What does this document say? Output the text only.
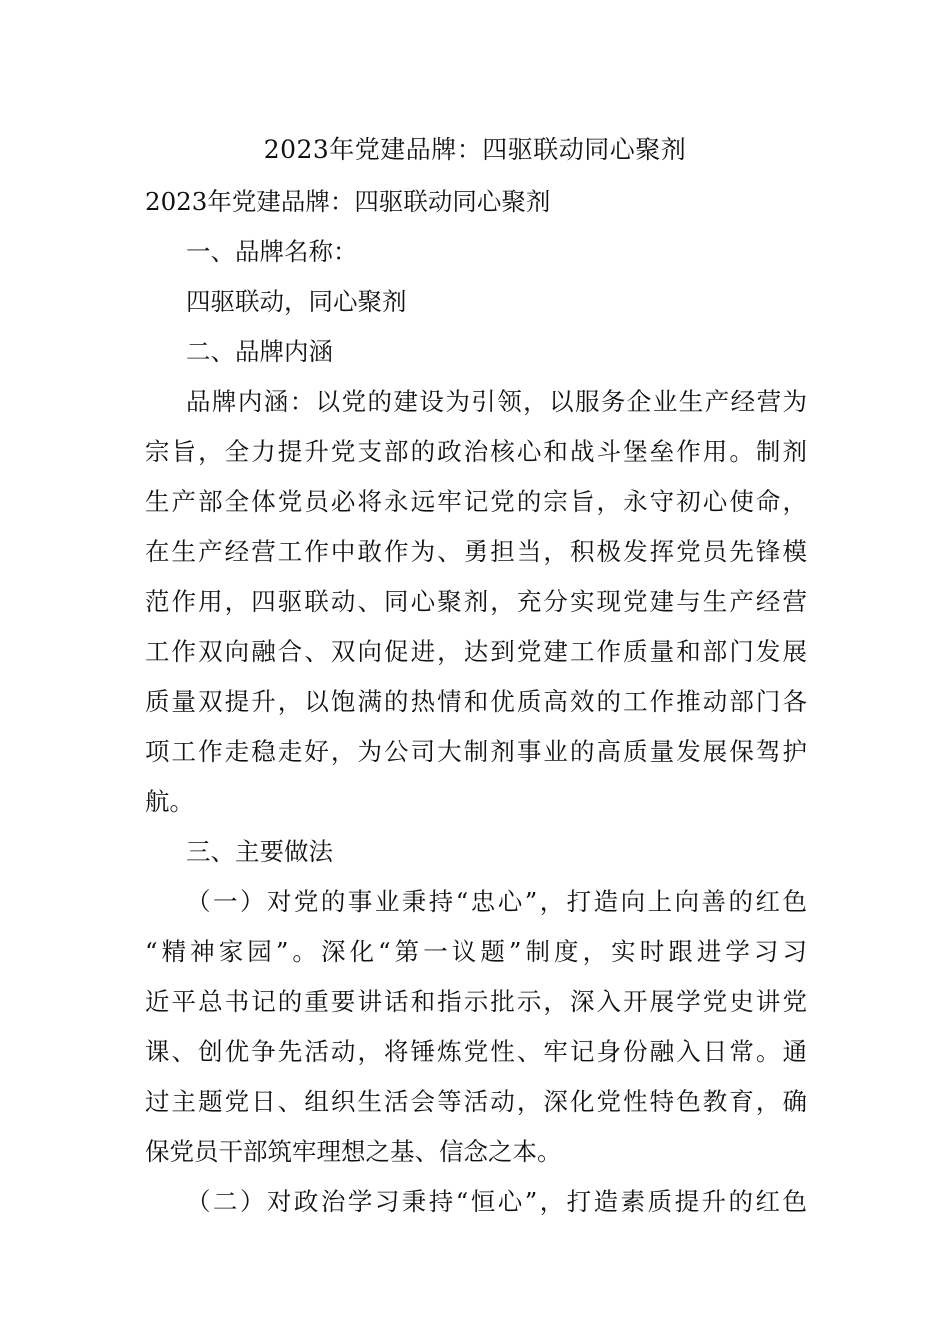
2023年党建品牌：四驱联动同心聚剂
2023年党建品牌：四驱联动同心聚剂
一、品牌名称：
四驱联动，同心聚剂
二、品牌内涵
品牌内涵：以党的建设为引领，以服务企业生产经营为
宗旨，全力提升党支部的政治核心和战斗堡垒作用。制剂
生产部全体党员必将永远牢记党的宗旨，永守初心使命，
在生产经营工作中敢作为、勇担当，积极发挥党员先锋模
范作用，四驱联动、同心聚剂，充分实现党建与生产经营
工作双向融合、双向促进，达到党建工作质量和部门发展
质量双提升，以饱满的热情和优质高效的工作推动部门各
项工作走稳走好，为公司大制剂事业的高质量发展保驾护
航。
三、主要做法
（一）对党的事业秉持“忠心”，打造向上向善的红色
“精神家园”。深化“第一议题”制度，实时跟进学习习
近平总书记的重要讲话和指示批示，深入开展学党史讲党
课、创优争先活动，将锤炼党性、牢记身份融入日常。通
过主题党日、组织生活会等活动，深化党性特色教育，确
保党员干部筑牢理想之基、信念之本。
（二）对政治学习秉持“恒心”，打造素质提升的红色
